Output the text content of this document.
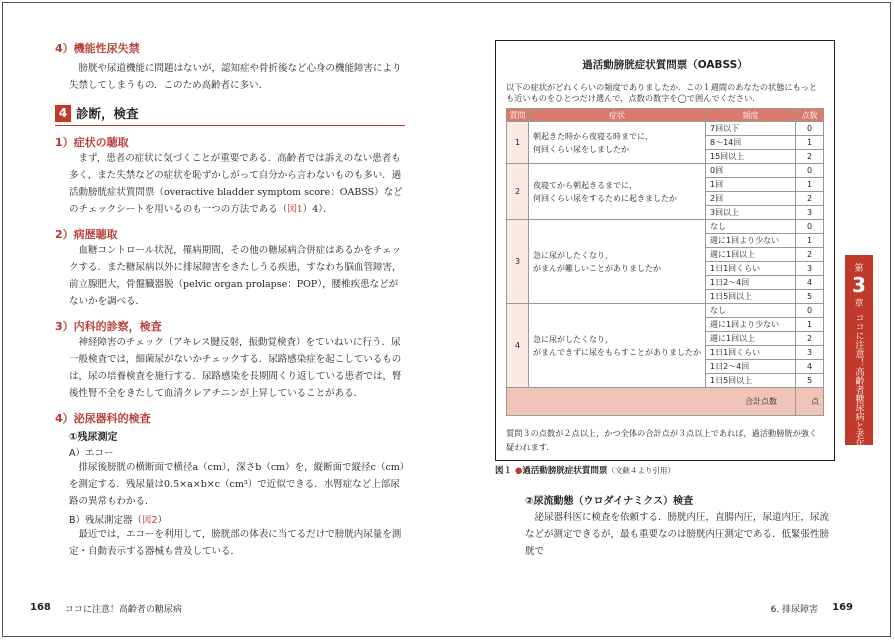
4）機能性尿失禁

膀胱や尿道機能に問題はないが，認知症や骨折後など心身の機能障害により失禁してしまうもの．このため高齢者に多い．

4 診断，検査
1）症状の聴取

まず，患者の症状に気づくことが重要である．高齢者では訴えのない患者も多く，また失禁などの症状を恥ずかしがって自分から言わないものも多い．過活動膀胱症状質問票（overactive bladder symptom score：OABSS）などのチェックシートを用いるのも一つの方法である（図1）4）．

2）病歴聴取

血糖コントロール状況，罹病期間，その他の糖尿病合併症はあるかをチェックする．また糖尿病以外に排尿障害をきたしうる疾患，すなわち脳血管障害，前立腺肥大，骨盤臓器脱（pelvic organ prolapse：POP），腰椎疾患などがないかを調べる．

3）内科的診察，検査

神経障害のチェック（アキレス腱反射，振動覚検査）をていねいに行う．尿一般検査では，細菌尿がないかチェックする．尿路感染症を起こしているものは，尿の培養検査を施行する．尿路感染を長期間くり返している患者では，腎後性腎不全をきたして血清クレアチニンが上昇していることがある．

4）泌尿器科的検査
①残尿測定
A）エコー

排尿後膀胱の横断面で横径a（cm），深さb（cm）を，縦断面で縦径c（cm）を測定する．残尿量は0.5×a×b×c（cm³）で近似できる．水腎症など上部尿路の異常もわかる．

B）残尿測定器（図2）

最近では，エコーを利用して，膀胱部の体表に当てるだけで膀胱内尿量を測定・自動表示する器械も普及している．

168 ココに注意！高齢者の糖尿病
過活動膀胱症状質問票（OABSS）
以下の症状がどれくらいの頻度でありましたか．この１週間のあなたの状態にもっとも近いものをひとつだけ選んで，点数の数字を◯で囲んでください．
質問	症状	頻度	点数
1	朝起きた時から夜寝る時までに，
何回くらい尿をしましたか	7回以下	0
		8～14回	1
		15回以上	2
2	夜寝てから朝起きるまでに，
何回くらい尿をするために起きましたか	0回	0
		1回	1
		2回	2
		3回以上	3
3	急に尿がしたくなり，
がまんが難しいことがありましたか	なし	0
		週に1回より少ない	1
		週に1回以上	2
		1日1回くらい	3
		1日2～4回	4
		1日5回以上	5
4	急に尿がしたくなり，
がまんできずに尿をもらすことがありましたか	なし	0
		週に1回より少ない	1
		週に1回以上	2
		1日1回くらい	3
		1日2～4回	4
		1日5回以上	5
合計点数			点
質問３の点数が２点以上，かつ全体の合計点が３点以上であれば，過活動膀胱が強く疑われます．
図１ ●過活動膀胱症状質問票（文献４より引用）
②尿流動態（ウロダイナミクス）検査

泌尿器科医に検査を依頼する．膀胱内圧，直腸内圧，尿道内圧，尿流などが測定できるが，最も重要なのは膀胱内圧測定である．低緊張性膀胱で

6. 排尿障害 169
第
3
章
ココに注意！高齢者糖尿病と老年症候群
